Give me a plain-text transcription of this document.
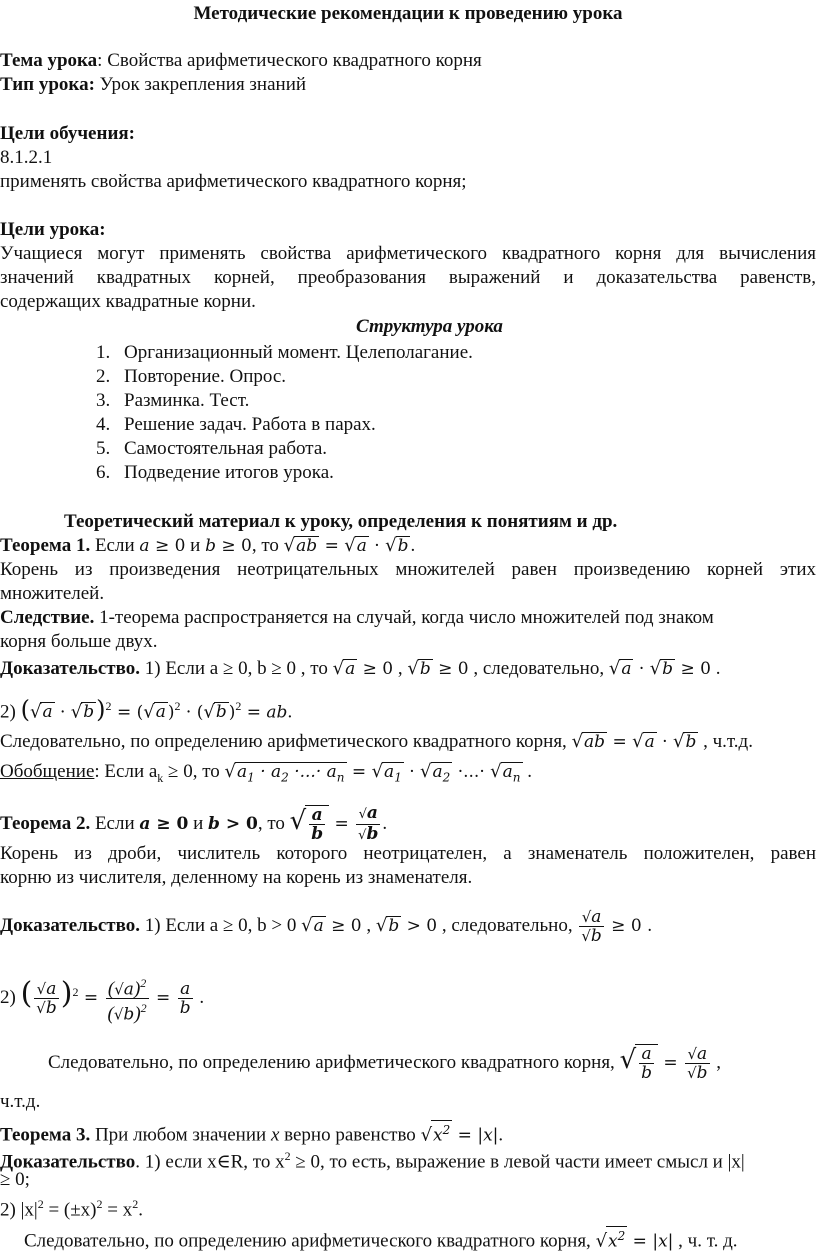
Методические рекомендации к проведению урока
Тема урока: Свойства арифметического квадратного корня
Тип урока: Урок закрепления знаний
Цели обучения:
8.1.2.1
применять свойства арифметического квадратного корня;
Цели урока:
Учащиеся могут применять свойства арифметического квадратного корня для вычисления
значений квадратных корней, преобразования выражений и доказательства равенств,
содержащих квадратные корни.
Структура урока
1. Организационный момент. Целеполагание.
2. Повторение. Опрос.
3. Разминка. Тест.
4. Решение задач. Работа в парах.
5. Самостоятельная работа.
6. Подведение итогов урока.
Теоретический материал к уроку, определения к понятиям и др.
Теорема 1. Если a ≥ 0 и b ≥ 0, то √ab = √a · √b .
Корень из произведения неотрицательных множителей равен произведению корней этих
множителей.
Следствие. 1-теорема распространяется на случай, когда число множителей под знаком
корня больше двух.
Доказательство. 1) Если a ≥ 0, b ≥ 0 , то √a ≥ 0 , √b ≥ 0 , следовательно, √a · √b ≥ 0 .
2) $(√a \cdot √b)^2 = (√a$ )$^2$ · (√b )$^2$ = ab.
Следовательно, по определению арифметического квадратного корня, √ab = √a · √b , ч.т.д.
Обобщение: Если $a_k \ge 0$, то $√a_1 \cdot a_2$ ·...· $a_n = √a_1 \cdot √a_2$ ·...· $√a_n$ .
Теорема 2. Если a ≥ 0 и b > 0, то √ $\frac{a}{b} = \frac{√a}{√b}$ .
Корень из дроби, числитель которого неотрицателен, а знаменатель положителен, равен
корню из числителя, деленному на корень из знаменателя.
Доказательство. 1) Если a ≥ 0, b > 0 √a ≥ 0 , √b > 0 , следовательно, $\frac{√a}{√b} \ge 0$ .
2) ( $\frac{√a}{√b} )^2 = \frac{(√a)^2}{(√b)^2} = \frac{a}{b}$ .
Следовательно, по определению арифметического квадратного корня, √ $\frac{a}{b} = \frac{√a}{√b}$ ,
ч.т.д.
Теорема 3. При любом значении x верно равенство $√x^2 = |x|$.
Доказательство. 1) если x∈R, то $x^2 \ge 0$, то есть, выражение в левой части имеет смысл и |x|
≥ 0;
2) $|x|^2 = (\pm x)^2 = x^2$.
Следовательно, по определению арифметического квадратного корня, $√x^2 = |x|$ , ч. т. д.
